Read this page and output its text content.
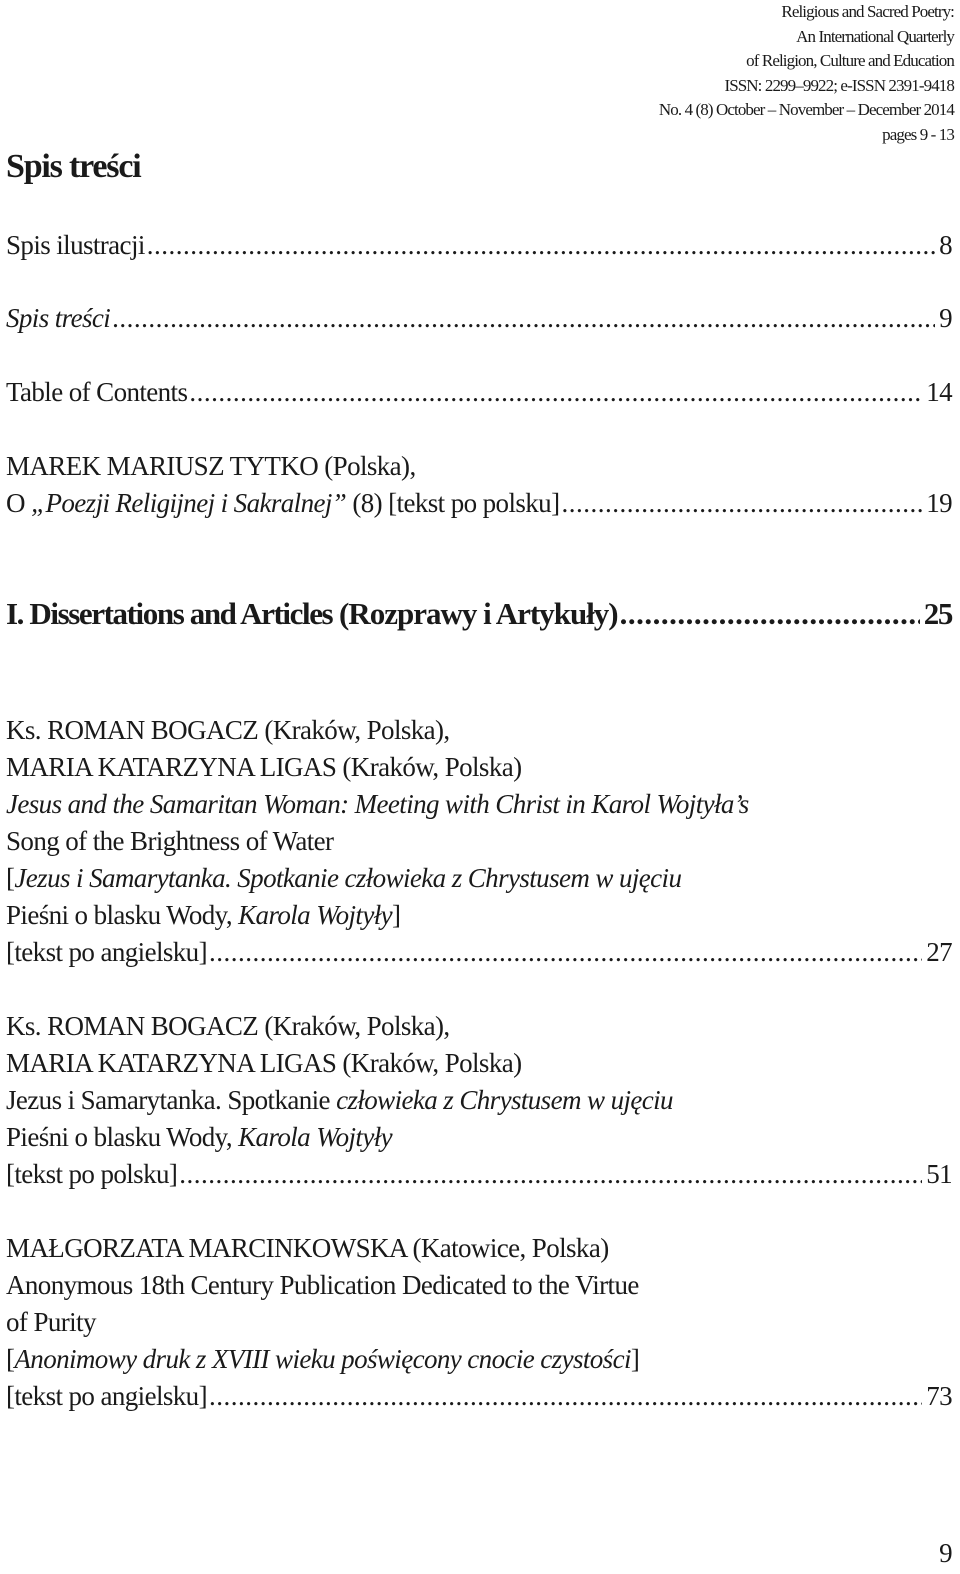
Religious and Sacred Poetry:
An International Quarterly
of Religion, Culture and Education
ISSN: 2299–9922; e-ISSN 2391-9418
No. 4 (8) October – November – December 2014
pages 9 - 13
Spis treści
Spis ilustracji .....	8
Spis treści .....	9
Table of Contents .....	14
MAREK MARIUSZ TYTKO (Polska),
O „Poezji Religijnej i Sakralnej” (8) [tekst po polsku] .....	19
I. Dissertations and Articles (Rozprawy i Artykuły) .....	25
Ks. ROMAN BOGACZ (Kraków, Polska),
MARIA KATARZYNA LIGAS (Kraków, Polska)
Jesus and the Samaritan Woman: Meeting with Christ in Karol Wojtyła’s
Song of the Brightness of Water
[Jezus i Samarytanka. Spotkanie człowieka z Chrystusem w ujęciu
Pieśni o blasku Wody, Karola Wojtyły]
[tekst po angielsku] .....	27
Ks. ROMAN BOGACZ (Kraków, Polska),
MARIA KATARZYNA LIGAS (Kraków, Polska)
Jezus i Samarytanka. Spotkanie człowieka z Chrystusem w ujęciu
Pieśni o blasku Wody, Karola Wojtyły
[tekst po polsku] .....	51
MAŁGORZATA MARCINKOWSKA (Katowice, Polska)
Anonymous 18th Century Publication Dedicated to the Virtue
of Purity
[Anonimowy druk z XVIII wieku poświęcony cnocie czystości]
[tekst po angielsku] .....	73
9
